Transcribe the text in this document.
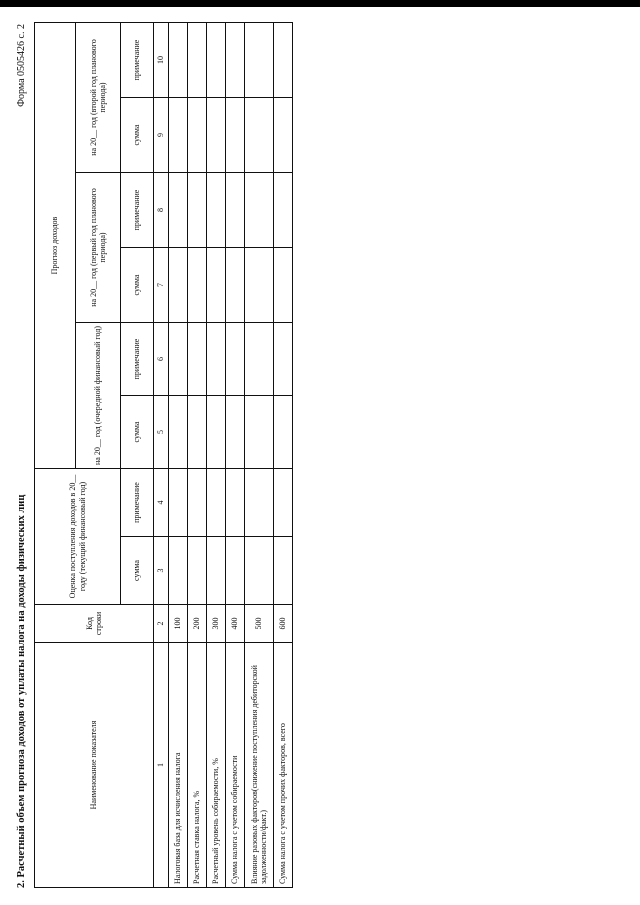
2. Расчетный объем прогноза доходов от уплаты налога на доходы физических лиц
Форма 0505426 с. 2
Наименование показателя	Код строки	Оценка поступления доходов в 20__ году (текущий финансовый год)		Прогноз доходов					
				на 20__ год (очередной финансовый год)		на 20__ год (первый год планового периода)		на 20__ год (второй год планового периода)	
		сумма	примечание	сумма	примечание	сумма	примечание	сумма	примечание
1	2	3	4	5	6	7	8	9	10
Налоговая база для исчисления налога	100								
Расчетная ставка налога, %	200								
Расчетный уровень собираемости, %	300								
Сумма налога с учетом собираемости	400								
Влияние разовых факторов(снижение поступления дебиторской задолженности/факт.)	500								
Сумма налога с учетом прочих факторов, всего	600								
